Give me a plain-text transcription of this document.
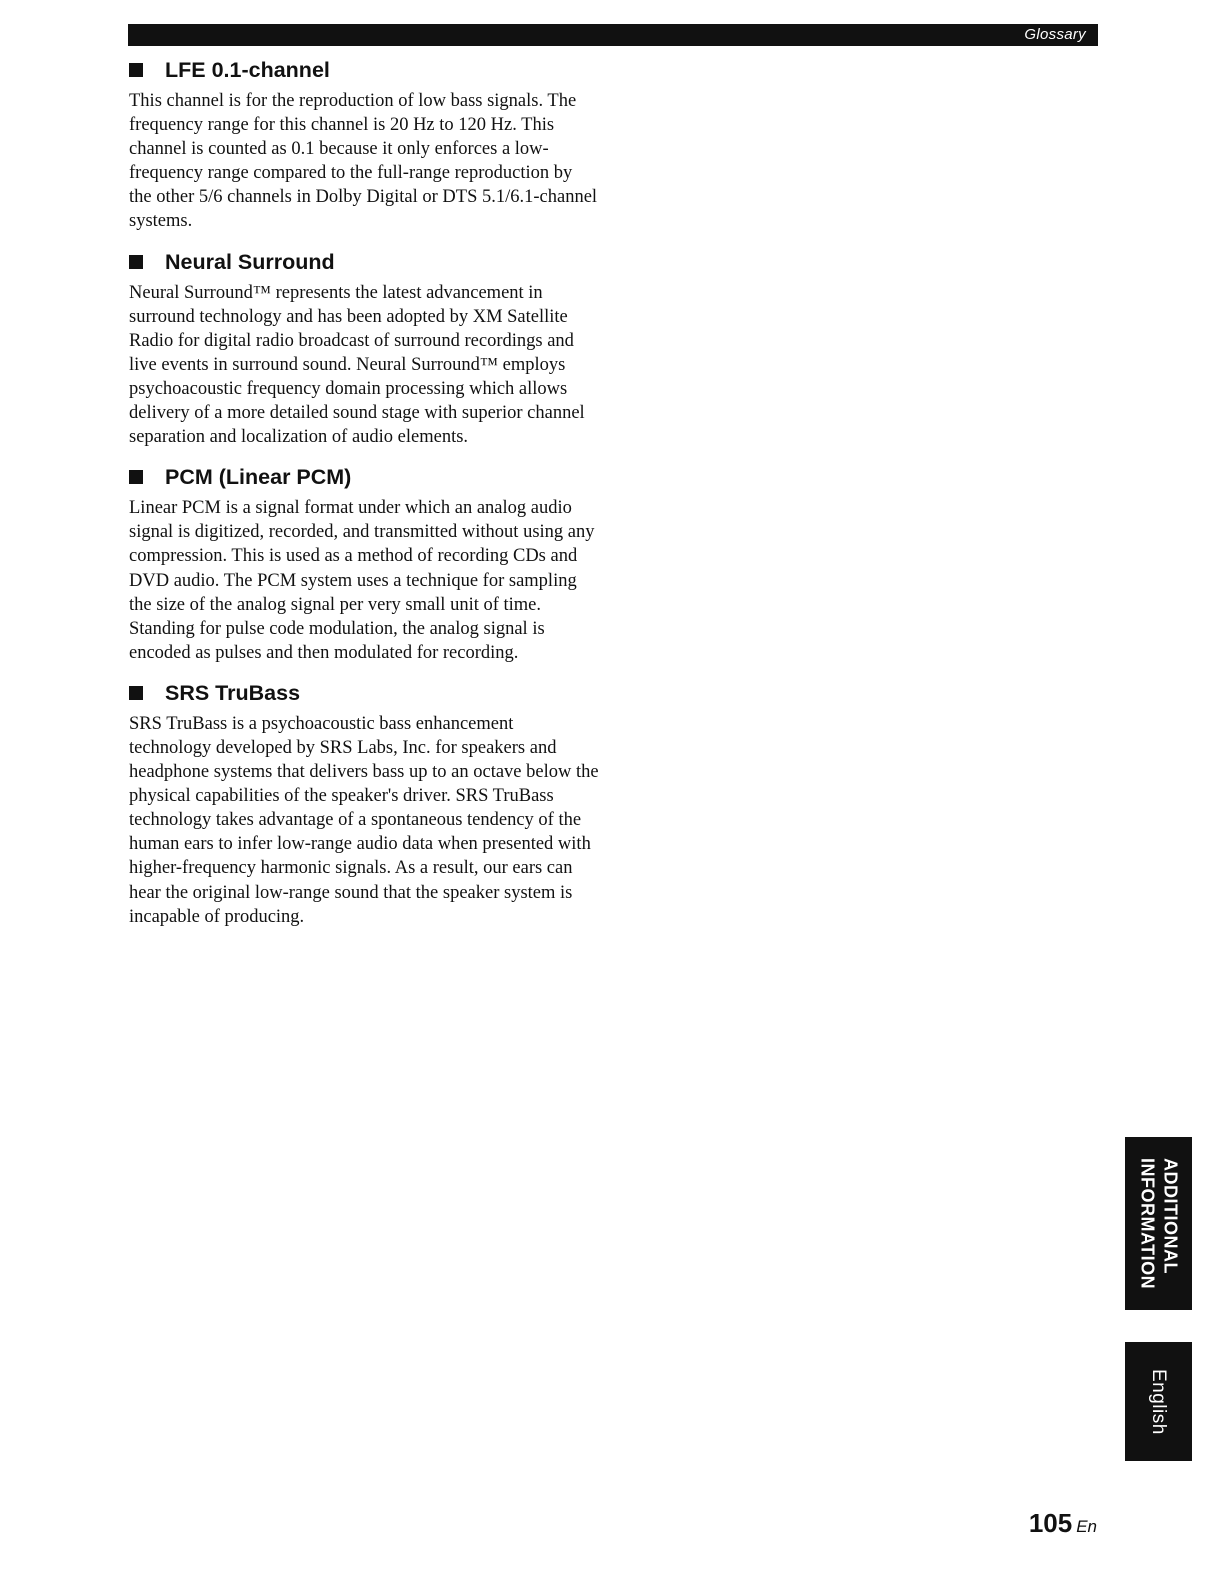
Glossary
LFE 0.1-channel

This channel is for the reproduction of low bass signals. The frequency range for this channel is 20 Hz to 120 Hz. This channel is counted as 0.1 because it only enforces a low-frequency range compared to the full-range reproduction by the other 5/6 channels in Dolby Digital or DTS 5.1/6.1-channel systems.

Neural Surround

Neural Surround™ represents the latest advancement in surround technology and has been adopted by XM Satellite Radio for digital radio broadcast of surround recordings and live events in surround sound. Neural Surround™ employs psychoacoustic frequency domain processing which allows delivery of a more detailed sound stage with superior channel separation and localization of audio elements.

PCM (Linear PCM)

Linear PCM is a signal format under which an analog audio signal is digitized, recorded, and transmitted without using any compression. This is used as a method of recording CDs and DVD audio. The PCM system uses a technique for sampling the size of the analog signal per very small unit of time. Standing for pulse code modulation, the analog signal is encoded as pulses and then modulated for recording.

SRS TruBass

SRS TruBass is a psychoacoustic bass enhancement technology developed by SRS Labs, Inc. for speakers and headphone systems that delivers bass up to an octave below the physical capabilities of the speaker's driver. SRS TruBass technology takes advantage of a spontaneous tendency of the human ears to infer low-range audio data when presented with higher-frequency harmonic signals. As a result, our ears can hear the original low-range sound that the speaker system is incapable of producing.

ADDITIONAL
INFORMATION
English
105 En
